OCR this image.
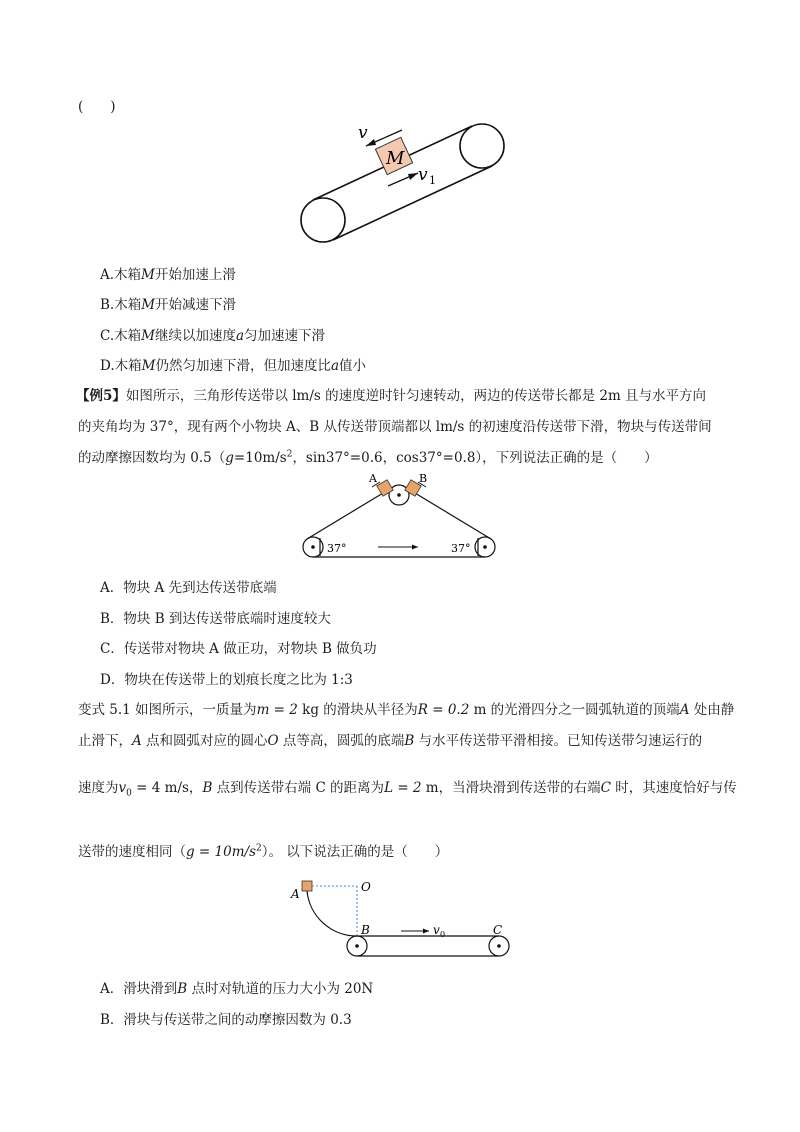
(　　)
M
v
v 1
A.木箱M开始加速上滑
B.木箱M开始减速下滑
C.木箱M继续以加速度a匀加速速下滑
D.木箱M仍然匀加速下滑，但加速度比a值小
【例5】如图所示，三角形传送带以 lm/s 的速度逆时针匀速转动，两边的传送带长都是 2m 且与水平方向
的夹角均为 37°，现有两个小物块 A、B 从传送带顶端都以 lm/s 的初速度沿传送带下滑，物块与传送带间
的动摩擦因数均为 $0.5(g=10m/s^2$，sin37°=0.6，cos37°=0.8），下列说法正确的是（　　）
A	B
37°	37°
A．物块 A 先到达传送带底端
B．物块 B 到达传送带底端时速度较大
C．传送带对物块 A 做正功，对物块 B 做负功
D．物块在传送带上的划痕长度之比为 1:3
变式 5.1 如图所示，一质量为m = 2 kg 的滑块从半径为R = 0.2 m 的光滑四分之一圆弧轨道的顶端A 处由静
止滑下，A 点和圆弧对应的圆心O 点等高，圆弧的底端B 与水平传送带平滑相接。已知传送带匀速运行的
速度为$v_0 = 4$ m/s，B 点到传送带右端 C 的距离为L = 2 m，当滑块滑到传送带的右端C 时，其速度恰好与传
送带的速度相同$(g = 10m/s^2)$。 以下说法正确的是（　　）
A	O
B	v 0	C
A．滑块滑到B 点时对轨道的压力大小为 20N
B．滑块与传送带之间的动摩擦因数为 0.3
